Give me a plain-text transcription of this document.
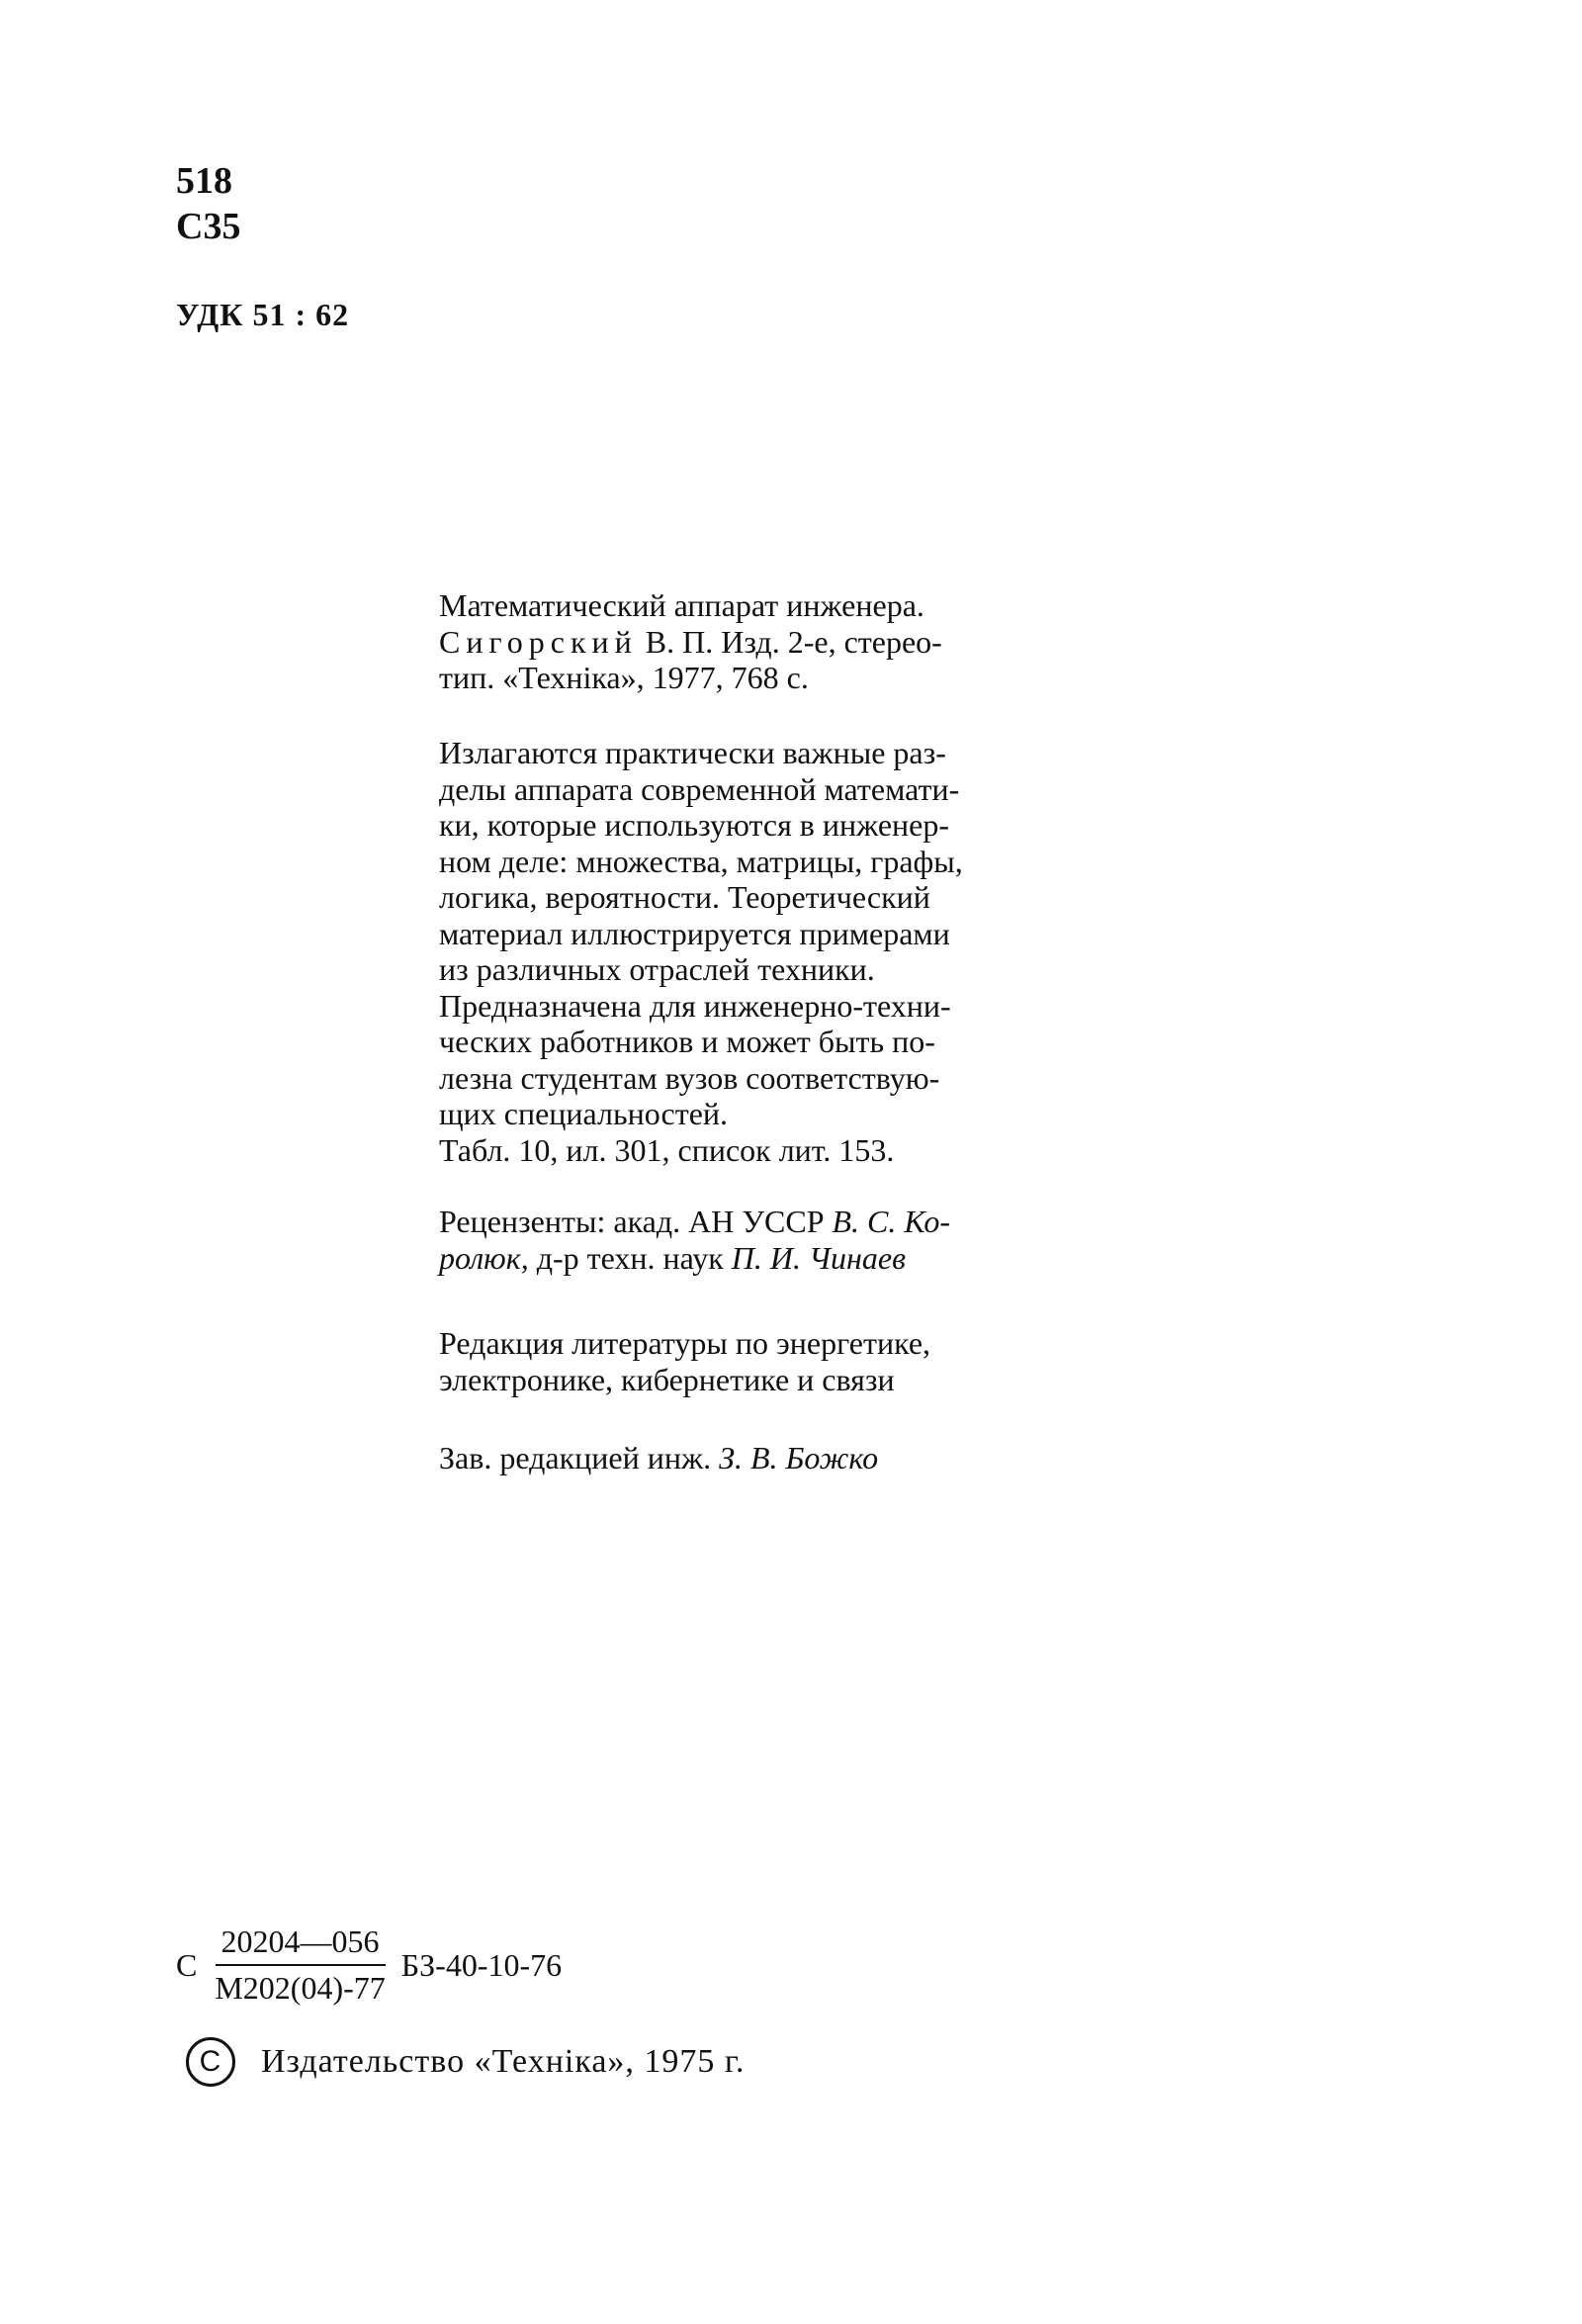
518
С35
УДК 51 : 62
Математический аппарат инженера.
Сигорский В. П. Изд. 2-е, стерео-
тип. «Техніка», 1977, 768 с.
Излагаются практически важные раз-
делы аппарата современной математи-
ки, которые используются в инженер-
ном деле: множества, матрицы, графы,
логика, вероятности. Теоретический
материал иллюстрируется примерами
из различных отраслей техники.
Предназначена для инженерно-техни-
ческих работников и может быть по-
лезна студентам вузов соответствую-
щих специальностей.
Табл. 10, ил. 301, список лит. 153.
Рецензенты: акад. АН УССР В. С. Ко-
ролюк, д-р техн. наук П. И. Чинаев
Редакция литературы по энергетике,
электронике, кибернетике и связи
Зав. редакцией инж. З. В. Божко
С $\frac{20204—056}{М202(04)-77} БЗ-40-10-76$
C	Издательство «Техніка», 1975 г.
